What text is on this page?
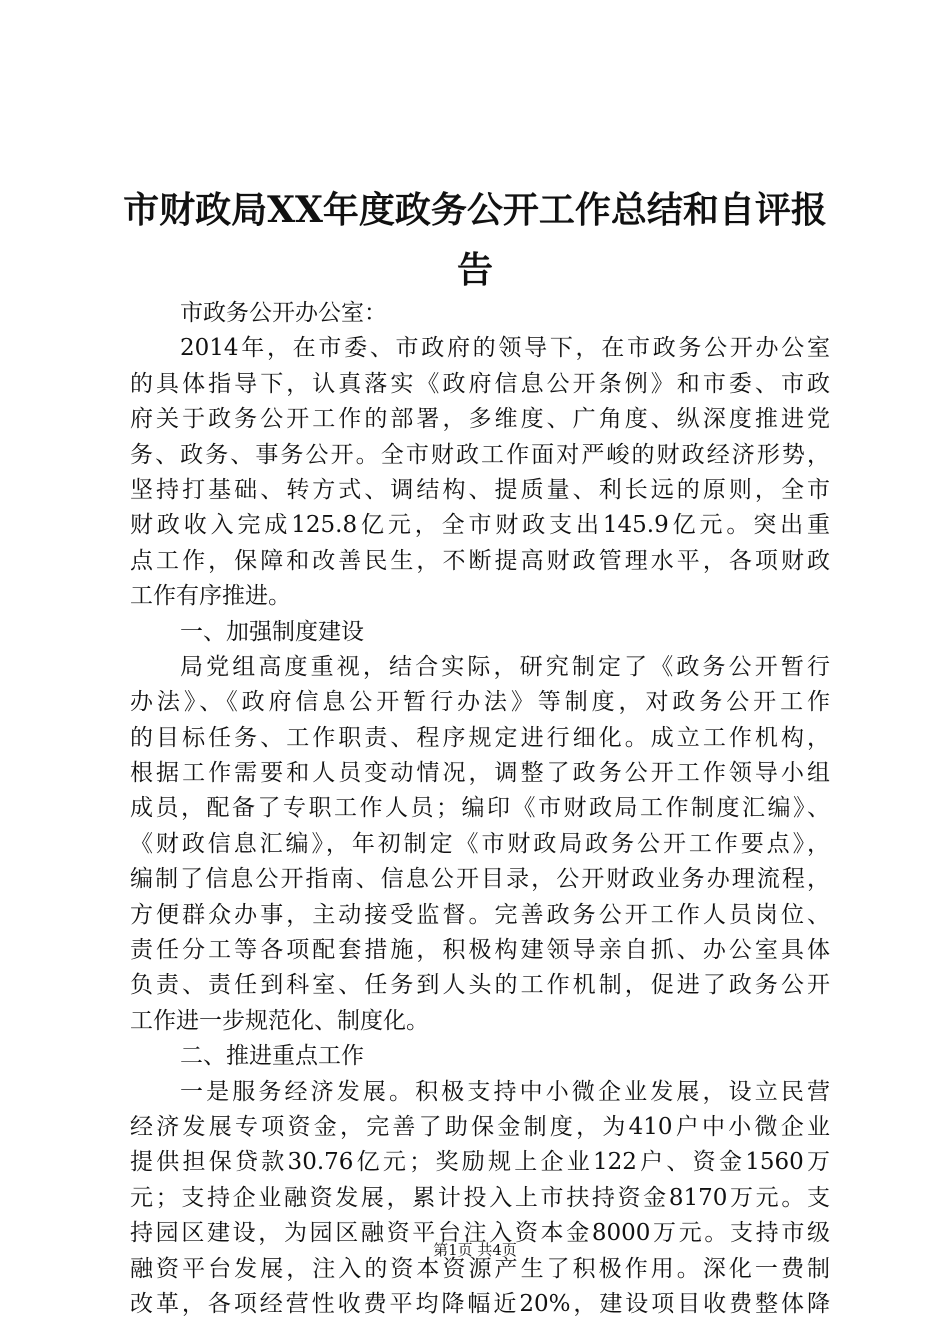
市财政局XX年度政务公开工作总结和自评报
告
市政务公开办公室：
2014年，在市委、市政府的领导下，在市政务公开办公室
的具体指导下，认真落实《政府信息公开条例》和市委、市政
府关于政务公开工作的部署，多维度、广角度、纵深度推进党
务、政务、事务公开。全市财政工作面对严峻的财政经济形势，
坚持打基础、转方式、调结构、提质量、利长远的原则，全市
财政收入完成125.8亿元，全市财政支出145.9亿元。突出重
点工作，保障和改善民生，不断提高财政管理水平，各项财政
工作有序推进。
一、加强制度建设
局党组高度重视，结合实际，研究制定了《政务公开暂行
办法》、《政府信息公开暂行办法》等制度，对政务公开工作
的目标任务、工作职责、程序规定进行细化。成立工作机构，
根据工作需要和人员变动情况，调整了政务公开工作领导小组
成员，配备了专职工作人员；编印《市财政局工作制度汇编》、
《财政信息汇编》，年初制定《市财政局政务公开工作要点》，
编制了信息公开指南、信息公开目录，公开财政业务办理流程，
方便群众办事，主动接受监督。完善政务公开工作人员岗位、
责任分工等各项配套措施，积极构建领导亲自抓、办公室具体
负责、责任到科室、任务到人头的工作机制，促进了政务公开
工作进一步规范化、制度化。
二、推进重点工作
一是服务经济发展。积极支持中小微企业发展，设立民营
经济发展专项资金，完善了助保金制度，为410户中小微企业
提供担保贷款30.76亿元；奖励规上企业122户、资金1560万
元；支持企业融资发展，累计投入上市扶持资金8170万元。支
持园区建设，为园区融资平台注入资本金8000万元。支持市级
融资平台发展，注入的资本资源产生了积极作用。深化一费制
改革，各项经营性收费平均降幅近20%，建设项目收费整体降
第1页 共4页
